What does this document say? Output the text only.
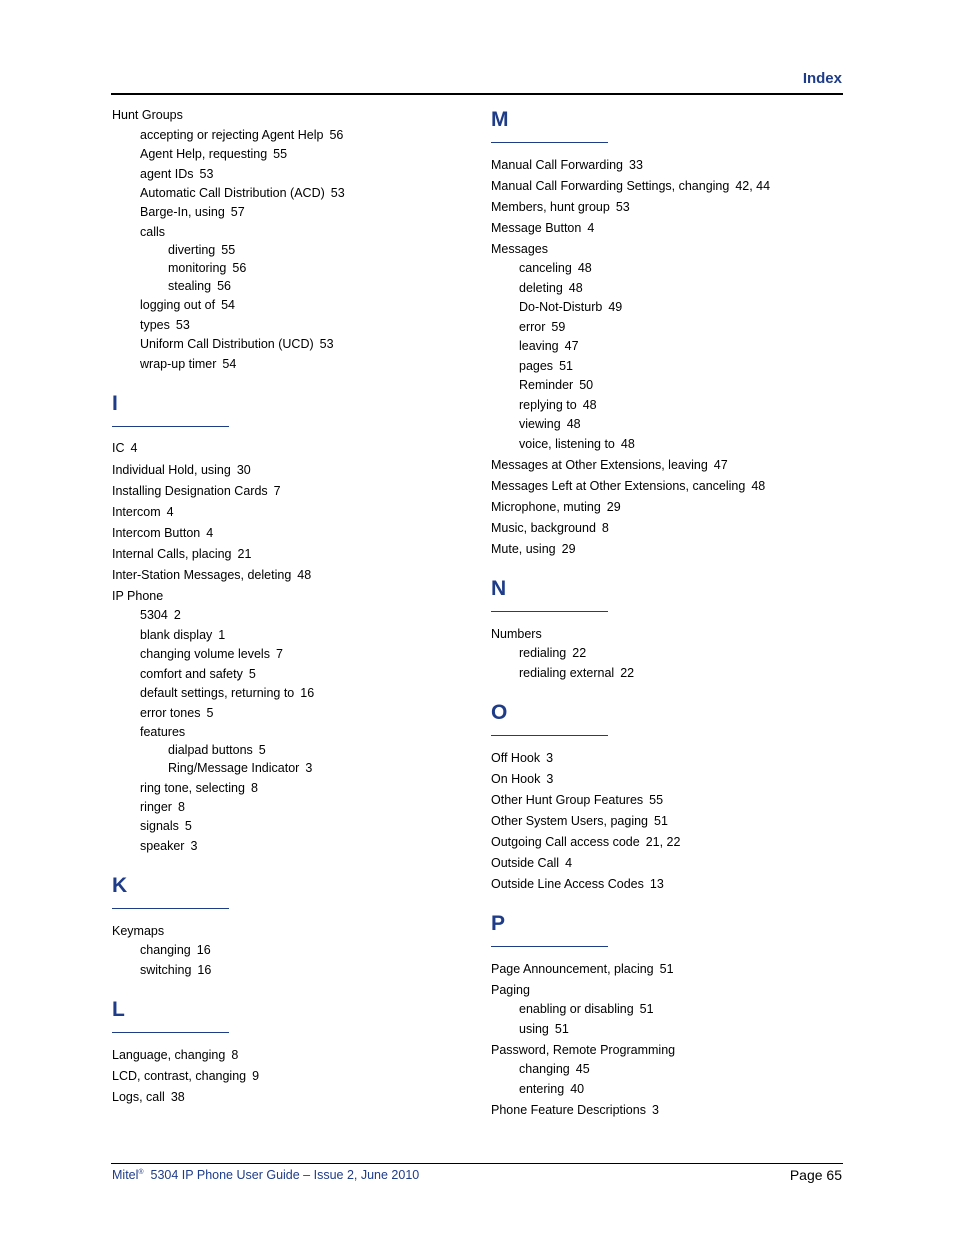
Index
Hunt Groups
accepting or rejecting Agent Help 56
Agent Help, requesting 55
agent IDs 53
Automatic Call Distribution (ACD) 53
Barge-In, using 57
calls
diverting 55
monitoring 56
stealing 56
logging out of 54
types 53
Uniform Call Distribution (UCD) 53
wrap-up timer 54
I
IC 4
Individual Hold, using 30
Installing Designation Cards 7
Intercom 4
Intercom Button 4
Internal Calls, placing 21
Inter-Station Messages, deleting 48
IP Phone
5304 2
blank display 1
changing volume levels 7
comfort and safety 5
default settings, returning to 16
error tones 5
features
dialpad buttons 5
Ring/Message Indicator 3
ring tone, selecting 8
ringer 8
signals 5
speaker 3
K
Keymaps
changing 16
switching 16
L
Language, changing 8
LCD, contrast, changing 9
Logs, call 38
M
Manual Call Forwarding 33
Manual Call Forwarding Settings, changing 42, 44
Members, hunt group 53
Message Button 4
Messages
canceling 48
deleting 48
Do-Not-Disturb 49
error 59
leaving 47
pages 51
Reminder 50
replying to 48
viewing 48
voice, listening to 48
Messages at Other Extensions, leaving 47
Messages Left at Other Extensions, canceling 48
Microphone, muting 29
Music, background 8
Mute, using 29
N
Numbers
redialing 22
redialing external 22
O
Off Hook 3
On Hook 3
Other Hunt Group Features 55
Other System Users, paging 51
Outgoing Call access code 21, 22
Outside Call 4
Outside Line Access Codes 13
P
Page Announcement, placing 51
Paging
enabling or disabling 51
using 51
Password, Remote Programming
changing 45
entering 40
Phone Feature Descriptions 3
Mitel® 5304 IP Phone User Guide – Issue 2, June 2010	Page 65
